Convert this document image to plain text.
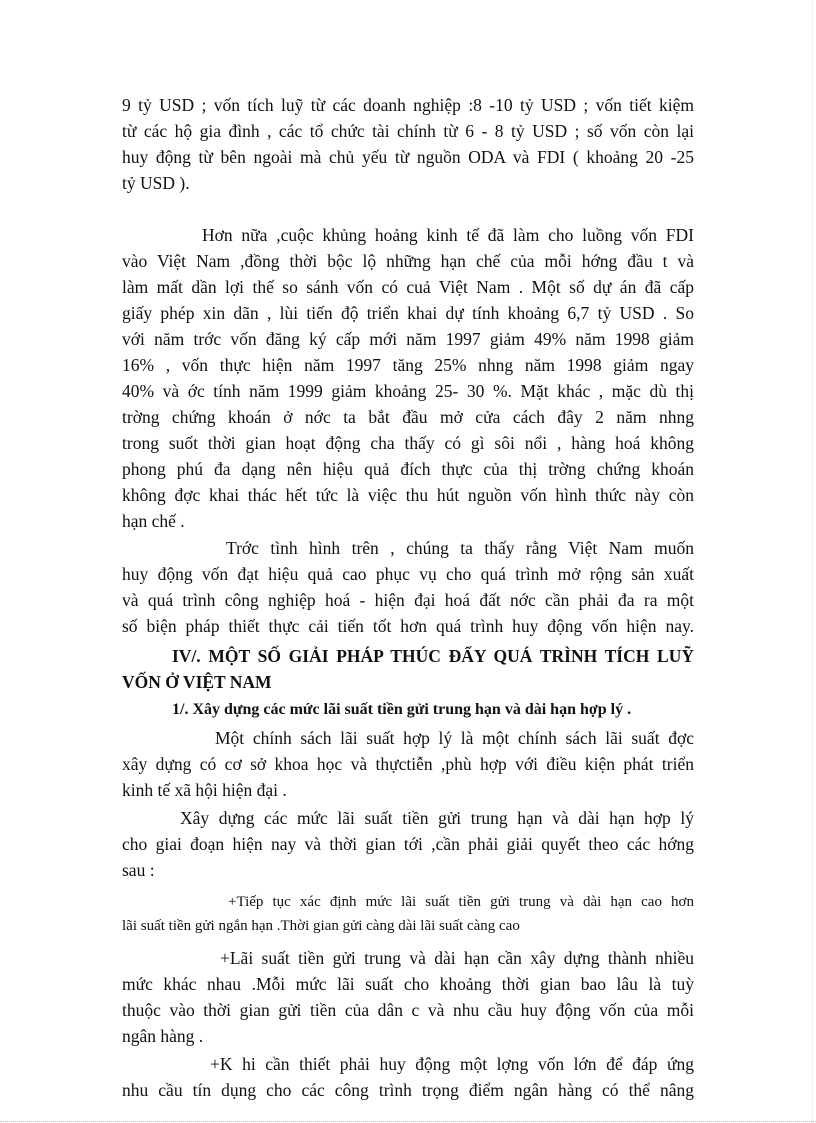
9 tỷ USD ; vốn tích luỹ từ các doanh nghiệp :8 -10 tỷ USD ; vốn tiết kiệm
từ các hộ gia đình , các tổ chức tài chính từ 6 - 8 tỷ USD ; số vốn còn lại
huy động từ bên ngoài mà chủ yếu từ nguồn ODA và FDI ( khoảng 20 -25
tỷ USD ).
Hơn nữa ,cuộc khủng hoảng kinh tế đã làm cho luồng vốn FDI
vào Việt Nam ,đồng thời bộc lộ những hạn chế của mỗi hớng đầu t và
làm mất dần lợi thế so sánh vốn có cuả Việt Nam . Một số dự án đã cấp
giấy phép xin dãn , lùi tiến độ triển khai dự tính khoảng 6,7 tỷ USD . So
với năm trớc vốn đăng ký cấp mới năm 1997 giảm 49% năm 1998 giảm
16% , vốn thực hiện năm 1997 tăng 25% nhng năm 1998 giảm ngay
40% và ớc tính năm 1999 giảm khoảng 25- 30 %. Mặt khác , mặc dù thị
trờng chứng khoán ở nớc ta bắt đầu mở cửa cách đây 2 năm nhng
trong suốt thời gian hoạt động cha thấy có gì sôi nổi , hàng hoá không
phong phú đa dạng nên hiệu quả đích thực của thị trờng chứng khoán
không đợc khai thác hết tức là việc thu hút nguồn vốn hình thức này còn
hạn chế .
Trớc tình hình trên , chúng ta thấy rằng Việt Nam muốn
huy động vốn đạt hiệu quả cao phục vụ cho quá trình mở rộng sản xuất
và quá trình công nghiệp hoá - hiện đại hoá đất nớc cần phải đa ra một
số biện pháp thiết thực cải tiến tốt hơn quá trình huy động vốn hiện nay.
IV/. MỘT SỐ GIẢI PHÁP THÚC ĐẨY QUÁ TRÌNH TÍCH LUỸ
VỐN Ở VIỆT NAM
1/. Xây dựng các mức lãi suất tiền gửi trung hạn và dài hạn hợp lý .
Một chính sách lãi suất hợp lý là một chính sách lãi suất đợc
xây dựng có cơ sở khoa học và thựctiễn ,phù hợp với điều kiện phát triển
kinh tế xã hội hiện đại .
Xây dựng các mức lãi suất tiền gửi trung hạn và dài hạn hợp lý
cho giai đoạn hiện nay và thời gian tới ,cần phải giải quyết theo các hớng
sau :
+Tiếp tục xác định mức lãi suất tiền gửi trung và dài hạn cao hơn
lãi suất tiền gửi ngắn hạn .Thời gian gửi càng dài lãi suất càng cao
+Lãi suất tiền gửi trung và dài hạn cần xây dựng thành nhiều
mức khác nhau .Mỗi mức lãi suất cho khoảng thời gian bao lâu là tuỳ
thuộc vào thời gian gửi tiền của dân c và nhu cầu huy động vốn của mỗi
ngân hàng .
+K hi cần thiết phải huy động một lợng vốn lớn để đáp ứng
nhu cầu tín dụng cho các công trình trọng điểm ngân hàng có thể nâng
